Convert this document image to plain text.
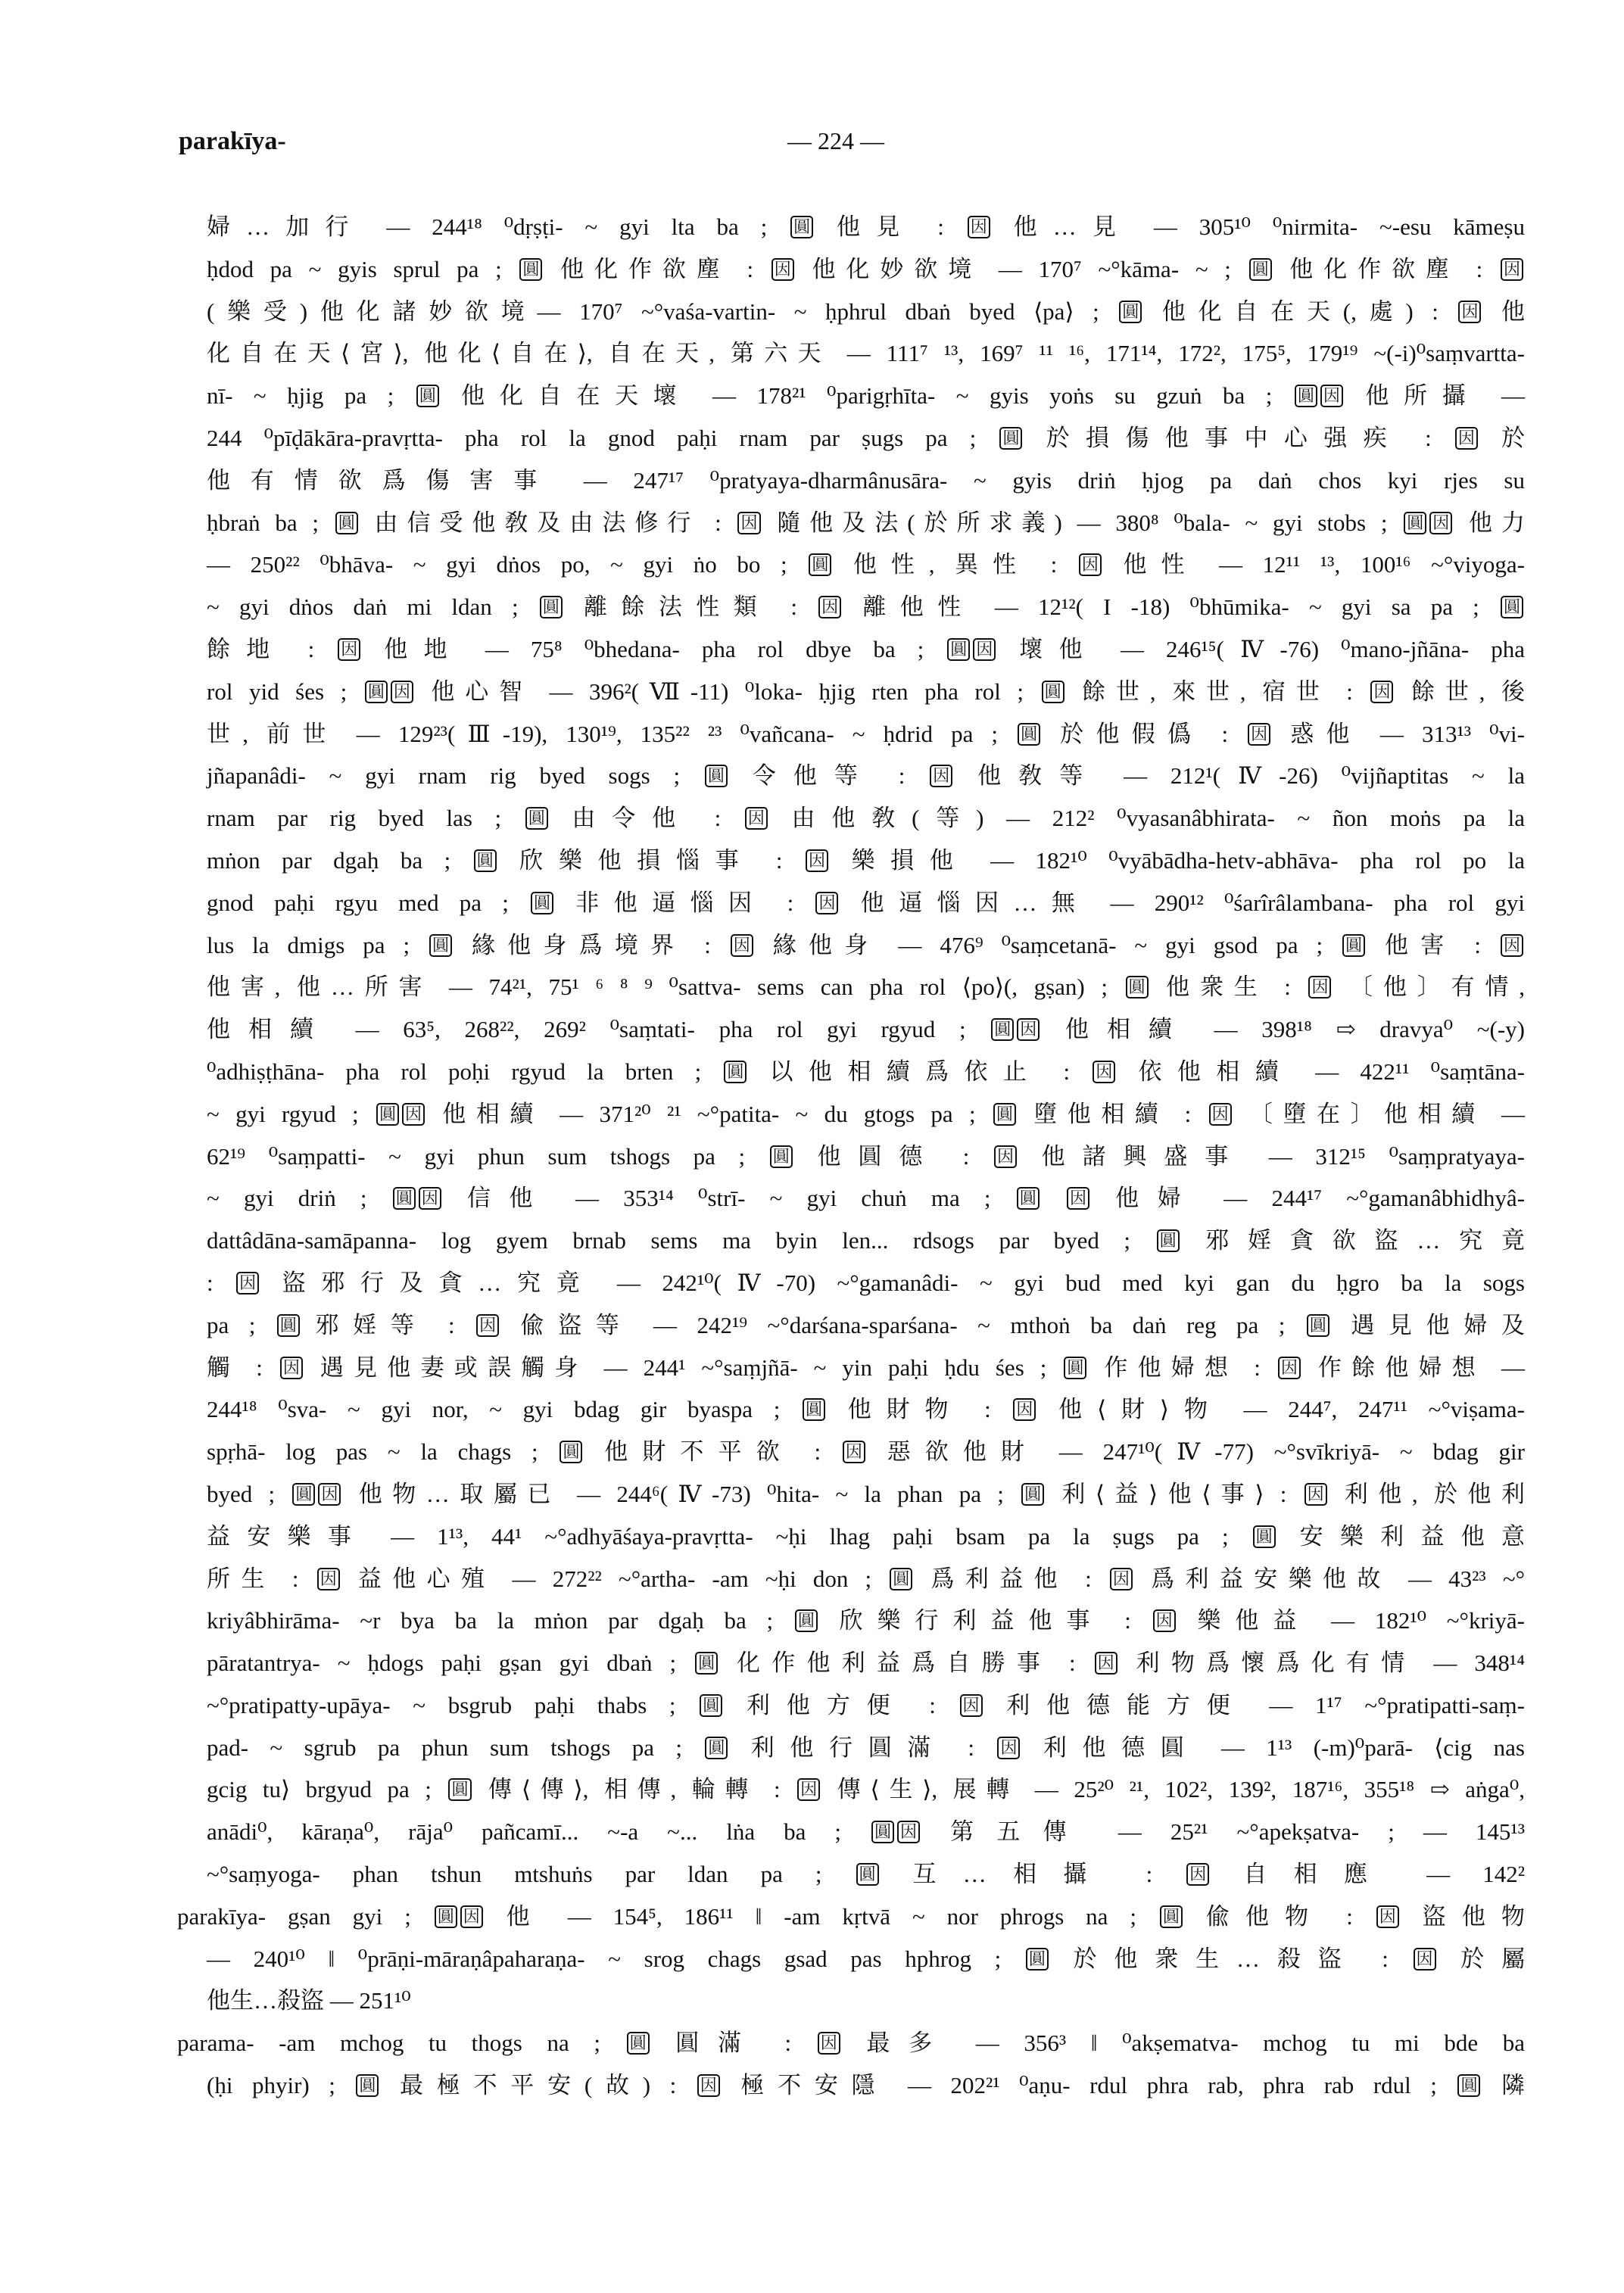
parakīya-	— 224 —
婦…加行 — 244¹⁸ ⁰dṛṣṭi- ~ gyi lta ba ; 圓 他見 : 因 他…見 — 305¹⁰ ⁰nirmita- ~-esu kāmeṣu
ḥdod pa ~ gyis sprul pa ; 圓 他化作欲塵 : 因 他化妙欲境 — 170⁷ ~°kāma- ~ ; 圓 他化作欲塵 : 因
(樂受)他化諸妙欲境— 170⁷ ~°vaśa-vartin- ~ ḥphrul dbaṅ byed ⟨pa⟩ ; 圓 他化自在天(,處) : 因 他
化自在天⟨宮⟩, 他化⟨自在⟩, 自在天, 第六天 — 111⁷ ¹³, 169⁷ ¹¹ ¹⁶, 171¹⁴, 172², 175⁵, 179¹⁹ ~(-i)⁰saṃvartta-
nī- ~ ḥjig pa ; 圓 他化自在天壞 — 178²¹ ⁰parigṛhīta- ~ gyis yoṅs su gzuṅ ba ; 圓 因 他所攝 —
244 ⁰pīḍākāra-pravṛtta- pha rol la gnod paḥi rnam par ṣugs pa ; 圓 於損傷他事中心强疾 : 因 於
他有情欲爲傷害事 — 247¹⁷ ⁰pratyaya-dharmânusāra- ~ gyis driṅ ḥjog pa daṅ chos kyi rjes su
ḥbraṅ ba ; 圓 由信受他敎及由法修行 : 因 隨他及法(於所求義) — 380⁸ ⁰bala- ~ gyi stobs ; 圓 因 他力
— 250²² ⁰bhāva- ~ gyi dṅos po, ~ gyi ṅo bo ; 圓 他性, 異性 : 因 他性 — 12¹¹ ¹³, 100¹⁶ ~°viyoga-
~ gyi dṅos daṅ mi ldan ; 圓 離餘法性類 : 因 離他性 — 12¹²( I -18) ⁰bhūmika- ~ gyi sa pa ; 圓
餘地 : 因 他地 — 75⁸ ⁰bhedana- pha rol dbye ba ; 圓 因 壞他 — 246¹⁵(Ⅳ-76) ⁰mano-jñāna- pha
rol yid śes ; 圓 因 他心智 — 396²(Ⅶ-11) ⁰loka- ḥjig rten pha rol ; 圓 餘世, 來世, 宿世 : 因 餘世, 後
世, 前世 — 129²³(Ⅲ-19), 130¹⁹, 135²² ²³ ⁰vañcana- ~ ḥdrid pa ; 圓 於他假僞 : 因 惑他 — 313¹³ ⁰vi-
jñapanâdi- ~ gyi rnam rig byed sogs ; 圓 令他等 : 因 他敎等 — 212¹(Ⅳ-26) ⁰vijñaptitas ~ la
rnam par rig byed las ; 圓 由令他 : 因 由他敎(等) — 212² ⁰vyasanâbhirata- ~ ñon moṅs pa la
mṅon par dgaḥ ba ; 圓 欣樂他損惱事 : 因 樂損他 — 182¹⁰ ⁰vyābādha-hetv-abhāva- pha rol po la
gnod paḥi rgyu med pa ; 圓 非他逼惱因 : 因 他逼惱因…無 — 290¹² ⁰śarîrâlambana- pha rol gyi
lus la dmigs pa ; 圓 緣他身爲境界 : 因 緣他身 — 476⁹ ⁰saṃcetanā- ~ gyi gsod pa ; 圓 他害 : 因
他害, 他…所害 — 74²¹, 75¹ ⁶ ⁸ ⁹ ⁰sattva- sems can pha rol ⟨po⟩(, gṣan) ; 圓 他衆生 : 因 〔他〕有情,
他相續 — 63⁵, 268²², 269² ⁰saṃtati- pha rol gyi rgyud ; 圓 因 他相續 — 398¹⁸ ⇨ dravya⁰ ~(-y)
⁰adhiṣṭhāna- pha rol poḥi rgyud la brten ; 圓 以他相續爲依止 : 因 依他相續 — 422¹¹ ⁰saṃtāna-
~ gyi rgyud ; 圓 因 他相續 — 371²⁰ ²¹ ~°patita- ~ du gtogs pa ; 圓 墮他相續 : 因 〔墮在〕他相續 —
62¹⁹ ⁰saṃpatti- ~ gyi phun sum tshogs pa ; 圓 他圓德 : 因 他諸興盛事 — 312¹⁵ ⁰saṃpratyaya-
~ gyi driṅ ; 圓 因 信他 — 353¹⁴ ⁰strī- ~ gyi chuṅ ma ; 圓 因 他婦 — 244¹⁷ ~°gamanâbhidhyâ-
dattâdāna-samāpanna- log gyem brnab sems ma byin len... rdsogs par byed ; 圓 邪婬貪欲盜…究竟
: 因 盜邪行及貪…究竟 — 242¹⁰(Ⅳ-70) ~°gamanâdi- ~ gyi bud med kyi gan du ḥgro ba la sogs
pa ; 圓 邪婬等 : 因 偸盜等 — 242¹⁹ ~°darśana-sparśana- ~ mthoṅ ba daṅ reg pa ; 圓 遇見他婦及
觸 : 因 遇見他妻或誤觸身 — 244¹ ~°saṃjñā- ~ yin paḥi ḥdu śes ; 圓 作他婦想 : 因 作餘他婦想 —
244¹⁸ ⁰sva- ~ gyi nor, ~ gyi bdag gir byaspa ; 圓 他財物 : 因 他⟨財⟩物 — 244⁷, 247¹¹ ~°viṣama-
spṛhā- log pas ~ la chags ; 圓 他財不平欲 : 因 惡欲他財 — 247¹⁰(Ⅳ-77) ~°svīkriyā- ~ bdag gir
byed ; 圓 因 他物…取屬已 — 244⁶(Ⅳ-73) ⁰hita- ~ la phan pa ; 圓 利⟨益⟩他⟨事⟩ : 因 利他, 於他利
益安樂事 — 1¹³, 44¹ ~°adhyāśaya-pravṛtta- ~ḥi lhag paḥi bsam pa la ṣugs pa ; 圓 安樂利益他意
所生 : 因 益他心殖 — 272²² ~°artha- -am ~ḥi don ; 圓 爲利益他 : 因 爲利益安樂他故 — 43²³ ~°
kriyâbhirāma- ~r bya ba la mṅon par dgaḥ ba ; 圓 欣樂行利益他事 : 因 樂他益 — 182¹⁰ ~°kriyā-
pāratantrya- ~ ḥdogs paḥi gṣan gyi dbaṅ ; 圓 化作他利益爲自勝事 : 因 利物爲懷爲化有情 — 348¹⁴
~°pratipatty-upāya- ~ bsgrub paḥi thabs ; 圓 利他方便 : 因 利他德能方便 — 1¹⁷ ~°pratipatti-saṃ-
pad- ~ sgrub pa phun sum tshogs pa ; 圓 利他行圓滿 : 因 利他德圓 — 1¹³ (-m)⁰parā- ⟨cig nas
gcig tu⟩ brgyud pa ; 圓 傳⟨傳⟩, 相傳, 輪轉 : 因 傳⟨生⟩, 展轉 — 25²⁰ ²¹, 102², 139², 187¹⁶, 355¹⁸ ⇨ aṅga⁰,
anādi⁰, kāraṇa⁰, rāja⁰ pañcamī... ~-a ~... lṅa ba ; 圓 因 第五傳 — 25²¹ ~°apekṣatva- ; — 145¹³
~°saṃyoga- phan tshun mtshuṅs par ldan pa ; 圓 互…相攝 : 因 自相應 — 142²
parakīya- gṣan gyi ; 圓 因 他 — 154⁵, 186¹¹ ‖ -am kṛtvā ~ nor phrogs na ; 圓 偸他物 : 因 盜他物
— 240¹⁰ ‖ ⁰prāṇi-māraṇâpaharaṇa- ~ srog chags gsad pas hphrog ; 圓 於他衆生…殺盜 : 因 於屬
他生…殺盜 — 251¹⁰
parama- -am mchog tu thogs na ; 圓 圓滿 : 因 最多 — 356³ ‖ ⁰akṣematva- mchog tu mi bde ba
(ḥi phyir) ; 圓 最極不平安(故) : 因 極不安隱 — 202²¹ ⁰aṇu- rdul phra rab, phra rab rdul ; 圓 隣
